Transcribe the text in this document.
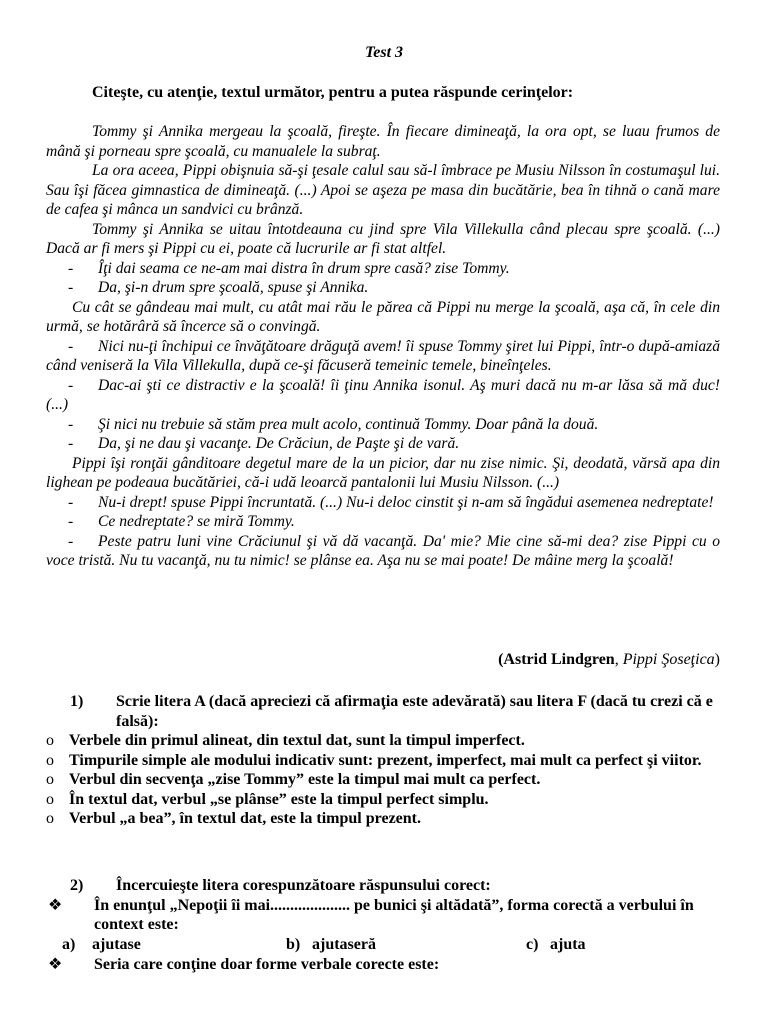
Test 3
Citeşte, cu atenţie, textul următor, pentru a putea răspunde cerinţelor:

Tommy şi Annika mergeau la şcoală, fireşte. În fiecare dimineaţă, la ora opt, se luau frumos de mână şi porneau spre şcoală, cu manualele la subraţ.

La ora aceea, Pippi obişnuia să-şi ţesale calul sau să-l îmbrace pe Musiu Nilsson în costumaşul lui. Sau îşi făcea gimnastica de dimineaţă. (...) Apoi se aşeza pe masa din bucătărie, bea în tihnă o cană mare de cafea şi mânca un sandvici cu brânză.

Tommy şi Annika se uitau întotdeauna cu jind spre Vila Villekulla când plecau spre şcoală. (...) Dacă ar fi mers şi Pippi cu ei, poate că lucrurile ar fi stat altfel.

- Îţi dai seama ce ne-am mai distra în drum spre casă? zise Tommy.

- Da, şi-n drum spre şcoală, spuse şi Annika.

Cu cât se gândeau mai mult, cu atât mai rău le părea că Pippi nu merge la şcoală, aşa că, în cele din urmă, se hotărâră să încerce să o convingă.

- Nici nu-ţi închipui ce învăţătoare drăguţă avem! îi spuse Tommy şiret lui Pippi, într-o după-amiază când veniseră la Vila Villekulla, după ce-şi făcuseră temeinic temele, bineînţeles.

- Dac-ai şti ce distractiv e la şcoală! îi ţinu Annika isonul. Aş muri dacă nu m-ar lăsa să mă duc! (...)

- Şi nici nu trebuie să stăm prea mult acolo, continuă Tommy. Doar până la două.

- Da, şi ne dau şi vacanţe. De Crăciun, de Paşte şi de vară.

Pippi îşi ronţăi gânditoare degetul mare de la un picior, dar nu zise nimic. Şi, deodată, vărsă apa din lighean pe podeaua bucătăriei, că-i udă leoarcă pantalonii lui Musiu Nilsson. (...)

- Nu-i drept! spuse Pippi încruntată. (...) Nu-i deloc cinstit şi n-am să îngădui asemenea nedreptate!

- Ce nedreptate? se miră Tommy.

- Peste patru luni vine Crăciunul şi vă dă vacanţă. Da' mie? Mie cine să-mi dea? zise Pippi cu o voce tristă. Nu tu vacanţă, nu tu nimic! se plânse ea. Aşa nu se mai poate! De mâine merg la şcoală!

(Astrid Lindgren, Pippi Şoseţica)
1)	Scrie litera A (dacă apreciezi că afirmaţia este adevărată) sau litera F (dacă tu crezi că e falsă):
o Verbele din primul alineat, din textul dat, sunt la timpul imperfect.
o Timpurile simple ale modului indicativ sunt: prezent, imperfect, mai mult ca perfect şi viitor.
o Verbul din secvenţa „zise Tommy” este la timpul mai mult ca perfect.
o În textul dat, verbul „se plânse” este la timpul perfect simplu.
o Verbul „a bea”, în textul dat, este la timpul prezent.
2)	Încercuieşte litera corespunzătoare răspunsului corect:
❖	În enunţul „Nepoţii îi mai.................... pe bunici şi altădată”, forma corectă a verbului în context este:
a) ajutase	b) ajutaseră	c) ajuta
❖	Seria care conţine doar forme verbale corecte este:
